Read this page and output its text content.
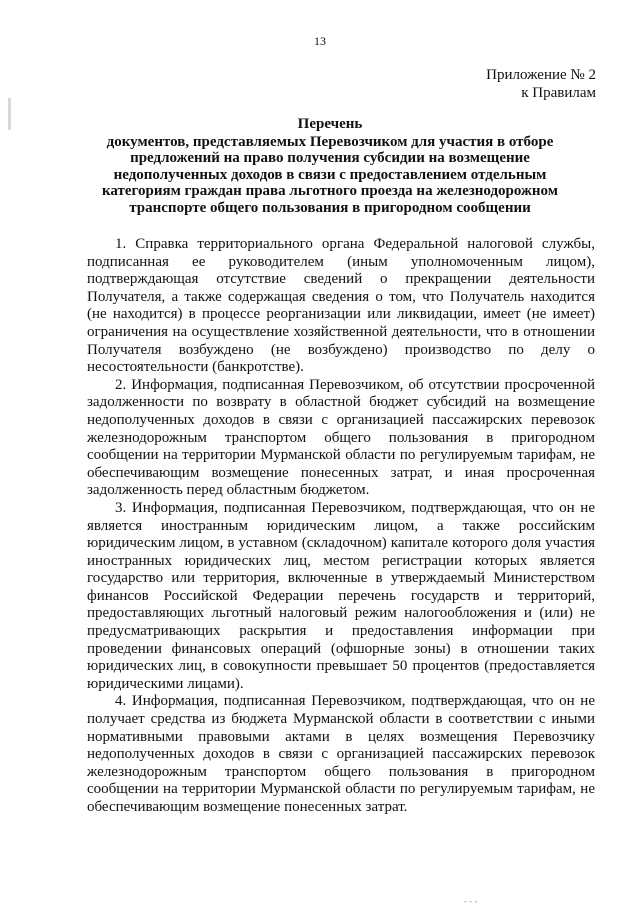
13
Приложение № 2
к Правилам
Перечень
документов, представляемых Перевозчиком для участия в отборе предложений на право получения субсидии на возмещение недополученных доходов в связи с предоставлением отдельным категориям граждан права льготного проезда на железнодорожном транспорте общего пользования в пригородном сообщении

1. Справка территориального органа Федеральной налоговой службы, подписанная ее руководителем (иным уполномоченным лицом), подтверждающая отсутствие сведений о прекращении деятельности Получателя, а также содержащая сведения о том, что Получатель находится (не находится) в процессе реорганизации или ликвидации, имеет (не имеет) ограничения на осуществление хозяйственной деятельности, что в отношении Получателя возбуждено (не возбуждено) производство по делу о несостоятельности (банкротстве).

2. Информация, подписанная Перевозчиком, об отсутствии просроченной задолженности по возврату в областной бюджет субсидий на возмещение недополученных доходов в связи с организацией пассажирских перевозок железнодорожным транспортом общего пользования в пригородном сообщении на территории Мурманской области по регулируемым тарифам, не обеспечивающим возмещение понесенных затрат, и иная просроченная задолженность перед областным бюджетом.

3. Информация, подписанная Перевозчиком, подтверждающая, что он не является иностранным юридическим лицом, а также российским юридическим лицом, в уставном (складочном) капитале которого доля участия иностранных юридических лиц, местом регистрации которых является государство или территория, включенные в утверждаемый Министерством финансов Российской Федерации перечень государств и территорий, предоставляющих льготный налоговый режим налогообложения и (или) не предусматривающих раскрытия и предоставления информации при проведении финансовых операций (офшорные зоны) в отношении таких юридических лиц, в совокупности превышает 50 процентов (предоставляется юридическими лицами).

4. Информация, подписанная Перевозчиком, подтверждающая, что он не получает средства из бюджета Мурманской области в соответствии с иными нормативными правовыми актами в целях возмещения Перевозчику недополученных доходов в связи с организацией пассажирских перевозок железнодорожным транспортом общего пользования в пригородном сообщении на территории Мурманской области по регулируемым тарифам, не обеспечивающим возмещение понесенных затрат.

- - -
